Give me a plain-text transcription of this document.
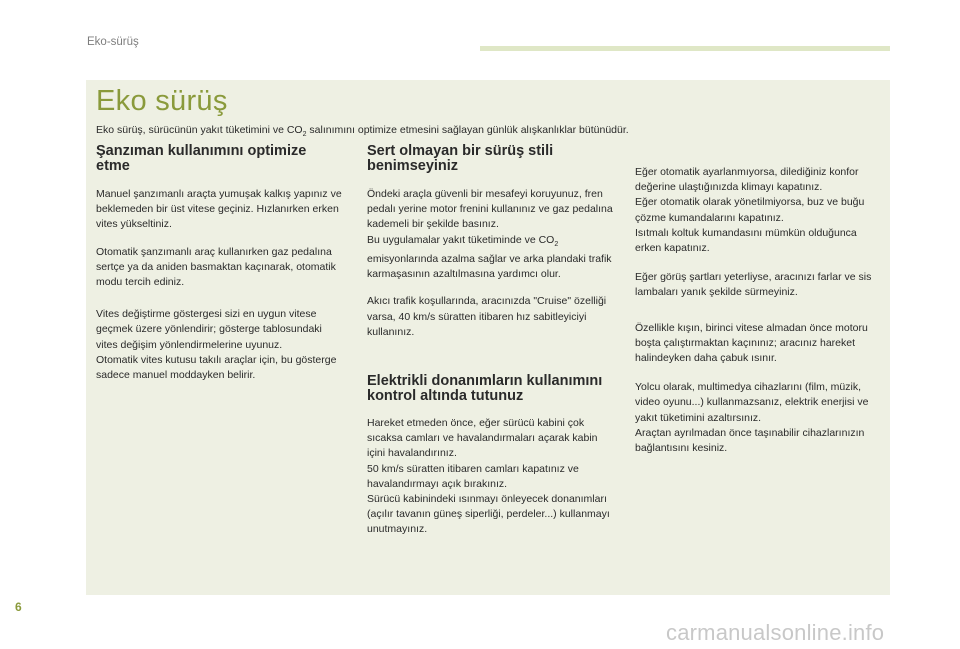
Eko-sürüş
Eko sürüş

Eko sürüş, sürücünün yakıt tüketimini ve $CO_2$ salınımını optimize etmesini sağlayan günlük alışkanlıklar bütünüdür.

Şanzıman kullanımını optimize etme

Manuel şanzımanlı araçta yumuşak kalkış yapınız ve beklemeden bir üst vitese geçiniz. Hızlanırken erken vites yükseltiniz.

Otomatik şanzımanlı araç kullanırken gaz pedalına sertçe ya da aniden basmaktan kaçınarak, otomatik modu tercih ediniz.

Vites değiştirme göstergesi sizi en uygun vitese geçmek üzere yönlendirir; gösterge tablosundaki vites değişim yönlendirmelerine uyunuz.

Otomatik vites kutusu takılı araçlar için, bu gösterge sadece manuel moddayken belirir.

Sert olmayan bir sürüş stili benimseyiniz

Öndeki araçla güvenli bir mesafeyi koruyunuz, fren pedalı yerine motor frenini kullanınız ve gaz pedalına kademeli bir şekilde basınız.

Bu uygulamalar yakıt tüketiminde ve $CO_2$ emisyonlarında azalma sağlar ve arka plandaki trafik karmaşasının azaltılmasına yardımcı olur.

Akıcı trafik koşullarında, aracınızda "Cruise" özelliği varsa, 40 km/s süratten itibaren hız sabitleyiciyi kullanınız.

Elektrikli donanımların kullanımını kontrol altında tutunuz

Hareket etmeden önce, eğer sürücü kabini çok sıcaksa camları ve havalandırmaları açarak kabin içini havalandırınız.

50 km/s süratten itibaren camları kapatınız ve havalandırmayı açık bırakınız.

Sürücü kabinindeki ısınmayı önleyecek donanımları (açılır tavanın güneş siperliği, perdeler...) kullanmayı unutmayınız.

Eğer otomatik ayarlanmıyorsa, dilediğiniz konfor değerine ulaştığınızda klimayı kapatınız.

Eğer otomatik olarak yönetilmiyorsa, buz ve buğu çözme kumandalarını kapatınız.

Isıtmalı koltuk kumandasını mümkün olduğunca erken kapatınız.

Eğer görüş şartları yeterliyse, aracınızı farlar ve sis lambaları yanık şekilde sürmeyiniz.

Özellikle kışın, birinci vitese almadan önce motoru boşta çalıştırmaktan kaçınınız; aracınız hareket halindeyken daha çabuk ısınır.

Yolcu olarak, multimedya cihazlarını (film, müzik, video oyunu...) kullanmazsanız, elektrik enerjisi ve yakıt tüketimini azaltırsınız.

Araçtan ayrılmadan önce taşınabilir cihazlarınızın bağlantısını kesiniz.

6
carmanualsonline.info
